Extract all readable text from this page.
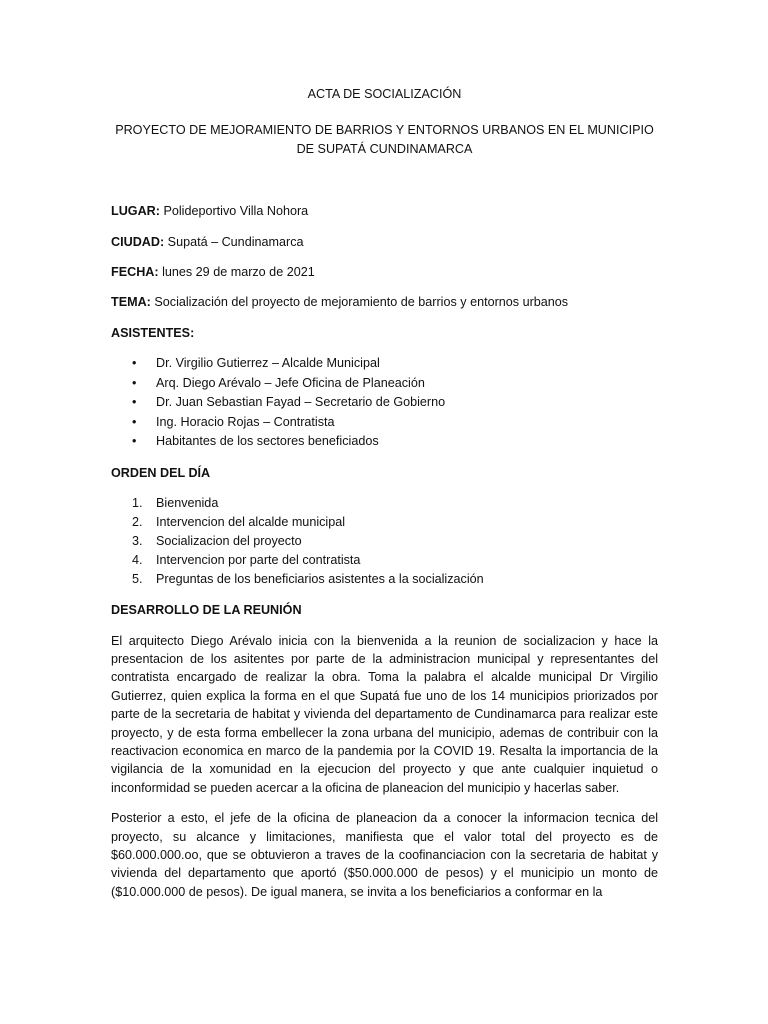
ACTA DE SOCIALIZACIÓN
PROYECTO DE MEJORAMIENTO DE BARRIOS Y ENTORNOS URBANOS EN EL MUNICIPIO DE SUPATÁ CUNDINAMARCA
LUGAR: Polideportivo Villa Nohora
CIUDAD: Supatá – Cundinamarca
FECHA: lunes 29 de marzo de 2021
TEMA: Socialización del proyecto de mejoramiento de barrios y entornos urbanos
ASISTENTES:
• Dr. Virgilio Gutierrez – Alcalde Municipal
• Arq. Diego Arévalo – Jefe Oficina de Planeación
• Dr. Juan Sebastian Fayad – Secretario de Gobierno
• Ing. Horacio Rojas – Contratista
• Habitantes de los sectores beneficiados
ORDEN DEL DÍA
1. Bienvenida
2. Intervencion del alcalde municipal
3. Socializacion del proyecto
4. Intervencion por parte del contratista
5. Preguntas de los beneficiarios asistentes a la socialización
DESARROLLO DE LA REUNIÓN

El arquitecto Diego Arévalo inicia con la bienvenida a la reunion de socializacion y hace la presentacion de los asitentes por parte de la administracion municipal y representantes del contratista encargado de realizar la obra. Toma la palabra el alcalde municipal Dr Virgilio Gutierrez, quien explica la forma en el que Supatá fue uno de los 14 municipios priorizados por parte de la secretaria de habitat y vivienda del departamento de Cundinamarca para realizar este proyecto, y de esta forma embellecer la zona urbana del municipio, ademas de contribuir con la reactivacion economica en marco de la pandemia por la COVID 19. Resalta la importancia de la vigilancia de la xomunidad en la ejecucion del proyecto y que ante cualquier inquietud o inconformidad se pueden acercar a la oficina de planeacion del municipio y hacerlas saber.

Posterior a esto, el jefe de la oficina de planeacion da a conocer la informacion tecnica del proyecto, su alcance y limitaciones, manifiesta que el valor total del proyecto es de $60.000.000.oo, que se obtuvieron a traves de la coofinanciacion con la secretaria de habitat y vivienda del departamento que aportó ($50.000.000 de pesos) y el municipio un monto de ($10.000.000 de pesos). De igual manera, se invita a los beneficiarios a conformar en la
